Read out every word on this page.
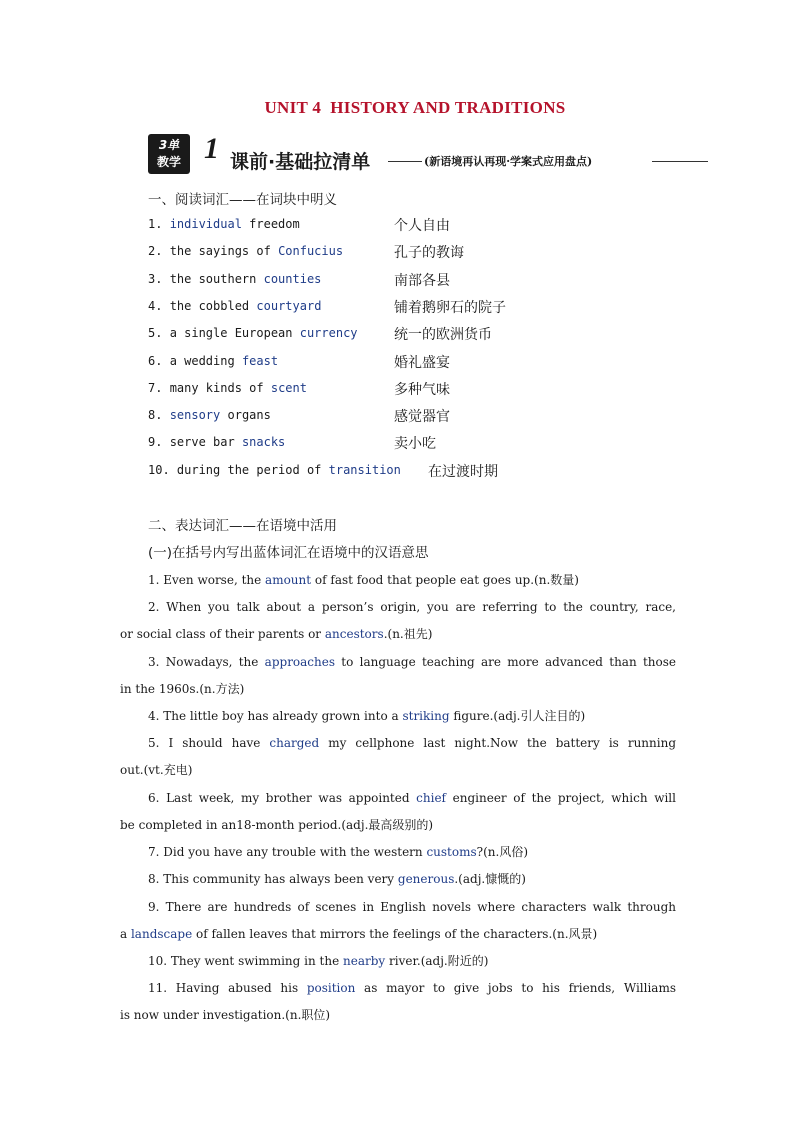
UNIT 4  HISTORY AND TRADITIONS
3单
教学 1 课前·基础拉清单	(新语境再认再现·学案式应用盘点)
一、阅读词汇——在词块中明义
1. individual freedom	个人自由
2. the sayings of Confucius	孔子的教诲
3. the southern counties	南部各县
4. the cobbled courtyard	铺着鹅卵石的院子
5. a single European currency	统一的欧洲货币
6. a wedding feast	婚礼盛宴
7. many kinds of scent	多种气味
8. sensory organs	感觉器官
9. serve bar snacks	卖小吃
10. during the period of transition 在过渡时期
二、表达词汇——在语境中活用
(一)在括号内写出蓝体词汇在语境中的汉语意思
1. Even worse, the amount of fast food that people eat goes up.(n.数量)
2. When you talk about a person’s origin, you are referring to the country, race,
or social class of their parents or ancestors.(n.祖先)
3. Nowadays, the approaches to language teaching are more advanced than those
in the 1960s.(n.方法)
4. The little boy has already grown into a striking figure.(adj.引人注目的)
5. I should have charged my cellphone last night.Now the battery is running
out.(vt.充电)
6. Last week, my brother was appointed chief engineer of the project, which will
be completed in an18-month period.(adj.最高级别的)
7. Did you have any trouble with the western customs?(n.风俗)
8. This community has always been very generous.(adj.慷慨的)
9. There are hundreds of scenes in English novels where characters walk through
a landscape of fallen leaves that mirrors the feelings of the characters.(n.风景)
10. They went swimming in the nearby river.(adj.附近的)
11. Having abused his position as mayor to give jobs to his friends, Williams
is now under investigation.(n.职位)
